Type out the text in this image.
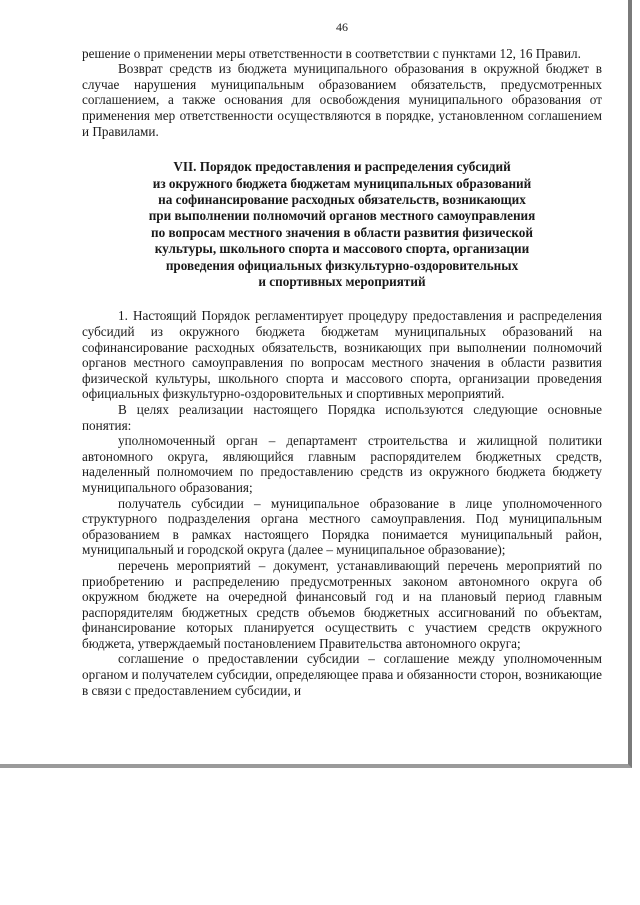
46

решение о применении меры ответственности в соответствии с пунктами 12, 16 Правил.

Возврат средств из бюджета муниципального образования в окружной бюджет в случае нарушения муниципальным образованием обязательств, предусмотренных соглашением, а также основания для освобождения муниципального образования от применения мер ответственности осуществляются в порядке, установленном соглашением и Правилами.

VII. Порядок предоставления и распределения субсидий
из окружного бюджета бюджетам муниципальных образований
на софинансирование расходных обязательств, возникающих
при выполнении полномочий органов местного самоуправления
по вопросам местного значения в области развития физической
культуры, школьного спорта и массового спорта, организации
проведения официальных физкультурно-оздоровительных
и спортивных мероприятий

1. Настоящий Порядок регламентирует процедуру предоставления и распределения субсидий из окружного бюджета бюджетам муниципальных образований на софинансирование расходных обязательств, возникающих при выполнении полномочий органов местного самоуправления по вопросам местного значения в области развития физической культуры, школьного спорта и массового спорта, организации проведения официальных физкультурно-оздоровительных и спортивных мероприятий.

В целях реализации настоящего Порядка используются следующие основные понятия:

уполномоченный орган – департамент строительства и жилищной политики автономного округа, являющийся главным распорядителем бюджетных средств, наделенный полномочием по предоставлению средств из окружного бюджета бюджету муниципального образования;

получатель субсидии – муниципальное образование в лице уполномоченного структурного подразделения органа местного самоуправления. Под муниципальным образованием в рамках настоящего Порядка понимается муниципальный район, муниципальный и городской округа (далее – муниципальное образование);

перечень мероприятий – документ, устанавливающий перечень мероприятий по приобретению и распределению предусмотренных законом автономного округа об окружном бюджете на очередной финансовый год и на плановый период главным распорядителям бюджетных средств объемов бюджетных ассигнований по объектам, финансирование которых планируется осуществить с участием средств окружного бюджета, утверждаемый постановлением Правительства автономного округа;

соглашение о предоставлении субсидии – соглашение между уполномоченным органом и получателем субсидии, определяющее права и обязанности сторон, возникающие в связи с предоставлением субсидии, и
